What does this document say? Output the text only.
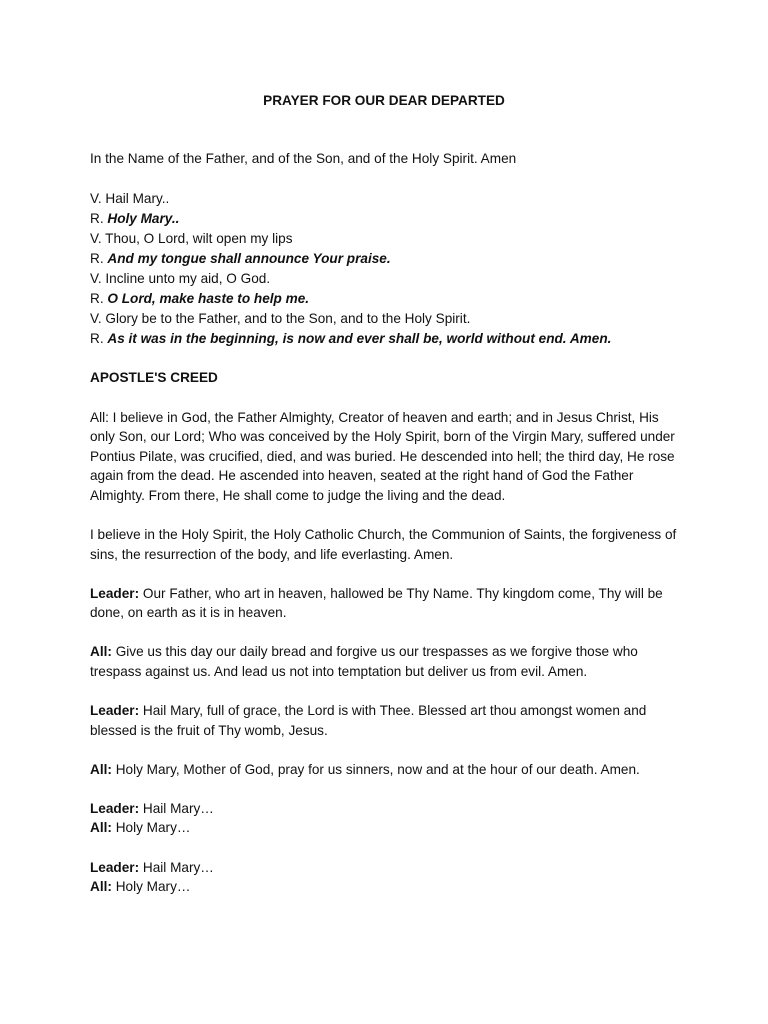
PRAYER FOR OUR DEAR DEPARTED

In the Name of the Father, and of the Son, and of the Holy Spirit. Amen

V. Hail Mary..

R. Holy Mary..

V. Thou, O Lord, wilt open my lips

R. And my tongue shall announce Your praise.

V. Incline unto my aid, O God.

R. O Lord, make haste to help me.

V. Glory be to the Father, and to the Son, and to the Holy Spirit.

R. As it was in the beginning, is now and ever shall be, world without end. Amen.

APOSTLE'S CREED

All: I believe in God, the Father Almighty, Creator of heaven and earth; and in Jesus Christ, His only Son, our Lord; Who was conceived by the Holy Spirit, born of the Virgin Mary, suffered under Pontius Pilate, was crucified, died, and was buried. He descended into hell; the third day, He rose again from the dead. He ascended into heaven, seated at the right hand of God the Father Almighty. From there, He shall come to judge the living and the dead.

I believe in the Holy Spirit, the Holy Catholic Church, the Communion of Saints, the forgiveness of sins, the resurrection of the body, and life everlasting. Amen.

Leader: Our Father, who art in heaven, hallowed be Thy Name. Thy kingdom come, Thy will be done, on earth as it is in heaven.

All: Give us this day our daily bread and forgive us our trespasses as we forgive those who trespass against us. And lead us not into temptation but deliver us from evil. Amen.

Leader: Hail Mary, full of grace, the Lord is with Thee. Blessed art thou amongst women and blessed is the fruit of Thy womb, Jesus.

All: Holy Mary, Mother of God, pray for us sinners, now and at the hour of our death. Amen.

Leader: Hail Mary…

All: Holy Mary…

Leader: Hail Mary…

All: Holy Mary…
